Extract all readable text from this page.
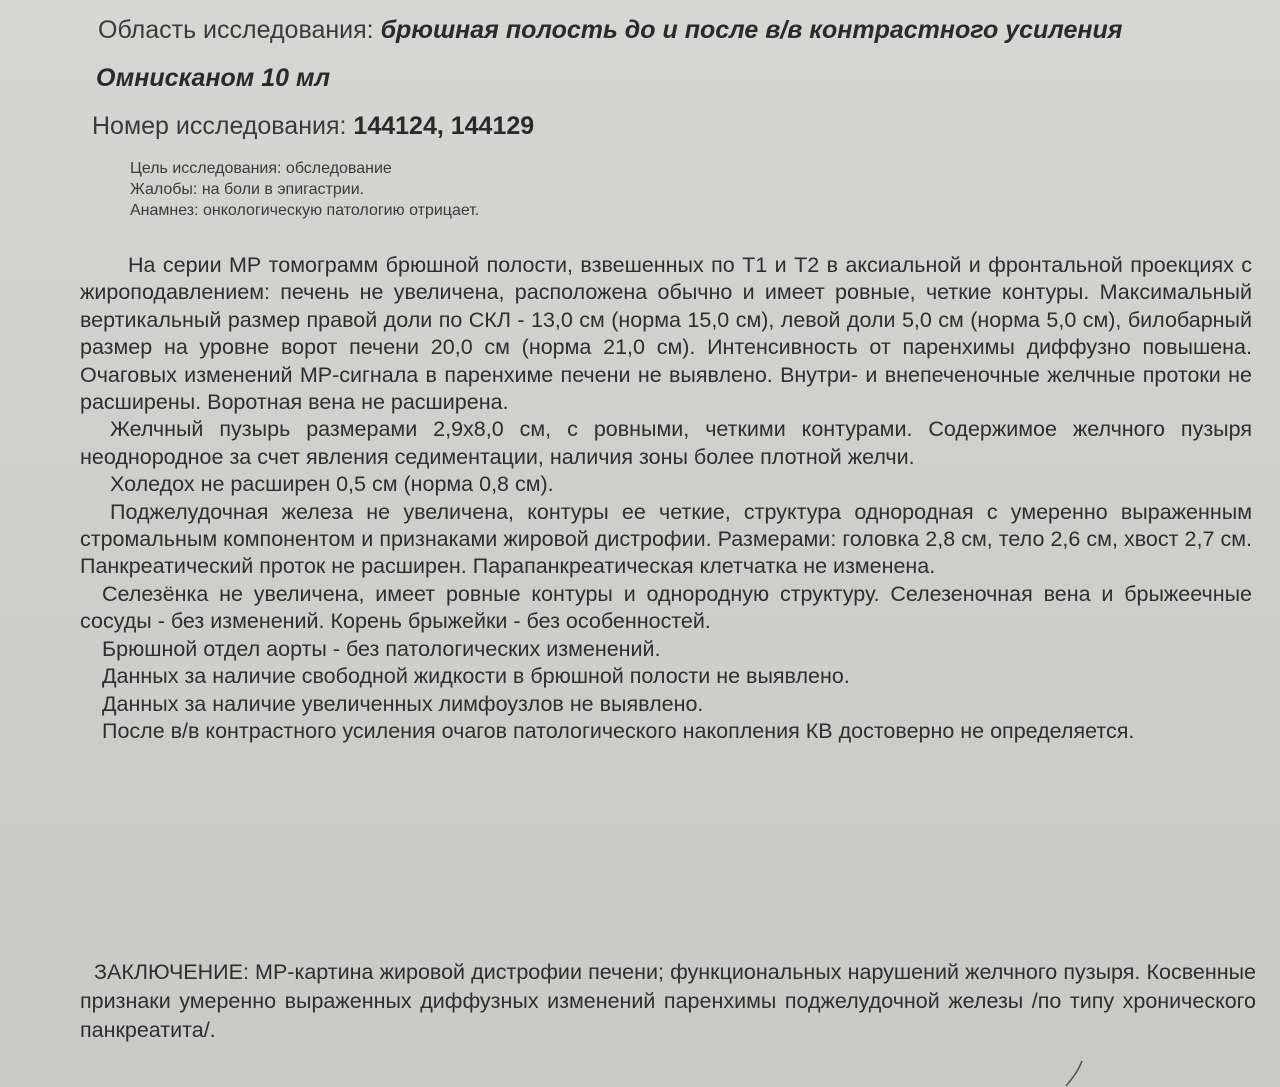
Область исследования: брюшная полость до и после в/в контрастного усиления
Омнисканом 10 мл
Номер исследования: 144124, 144129
Цель исследования: обследование
Жалобы: на боли в эпигастрии.
Анамнез: онкологическую патологию отрицает.

На серии МР томограмм брюшной полости, взвешенных по Т1 и Т2 в аксиальной и фронтальной проекциях с жироподавлением: печень не увеличена, расположена обычно и имеет ровные, четкие контуры. Максимальный вертикальный размер правой доли по СКЛ - 13,0 см (норма 15,0 см), левой доли 5,0 см (норма 5,0 см), билобарный размер на уровне ворот печени 20,0 см (норма 21,0 см). Интенсивность от паренхимы диффузно повышена. Очаговых изменений МР-сигнала в паренхиме печени не выявлено. Внутри- и внепеченочные желчные протоки не расширены. Воротная вена не расширена.

Желчный пузырь размерами 2,9х8,0 см, с ровными, четкими контурами. Содержимое желчного пузыря неоднородное за счет явления седиментации, наличия зоны более плотной желчи.

Холедох не расширен 0,5 см (норма 0,8 см).

Поджелудочная железа не увеличена, контуры ее четкие, структура однородная с умеренно выраженным стромальным компонентом и признаками жировой дистрофии. Размерами: головка 2,8 см, тело 2,6 см, хвост 2,7 см. Панкреатический проток не расширен. Парапанкреатическая клетчатка не изменена.

Селезёнка не увеличена, имеет ровные контуры и однородную структуру. Селезеночная вена и брыжеечные сосуды - без изменений. Корень брыжейки - без особенностей.

Брюшной отдел аорты - без патологических изменений.

Данных за наличие свободной жидкости в брюшной полости не выявлено.

Данных за наличие увеличенных лимфоузлов не выявлено.

После в/в контрастного усиления очагов патологического накопления КВ достоверно не определяется.

ЗАКЛЮЧЕНИЕ: МР-картина жировой дистрофии печени; функциональных нарушений желчного пузыря. Косвенные признаки умеренно выраженных диффузных изменений паренхимы поджелудочной железы /по типу хронического панкреатита/.
